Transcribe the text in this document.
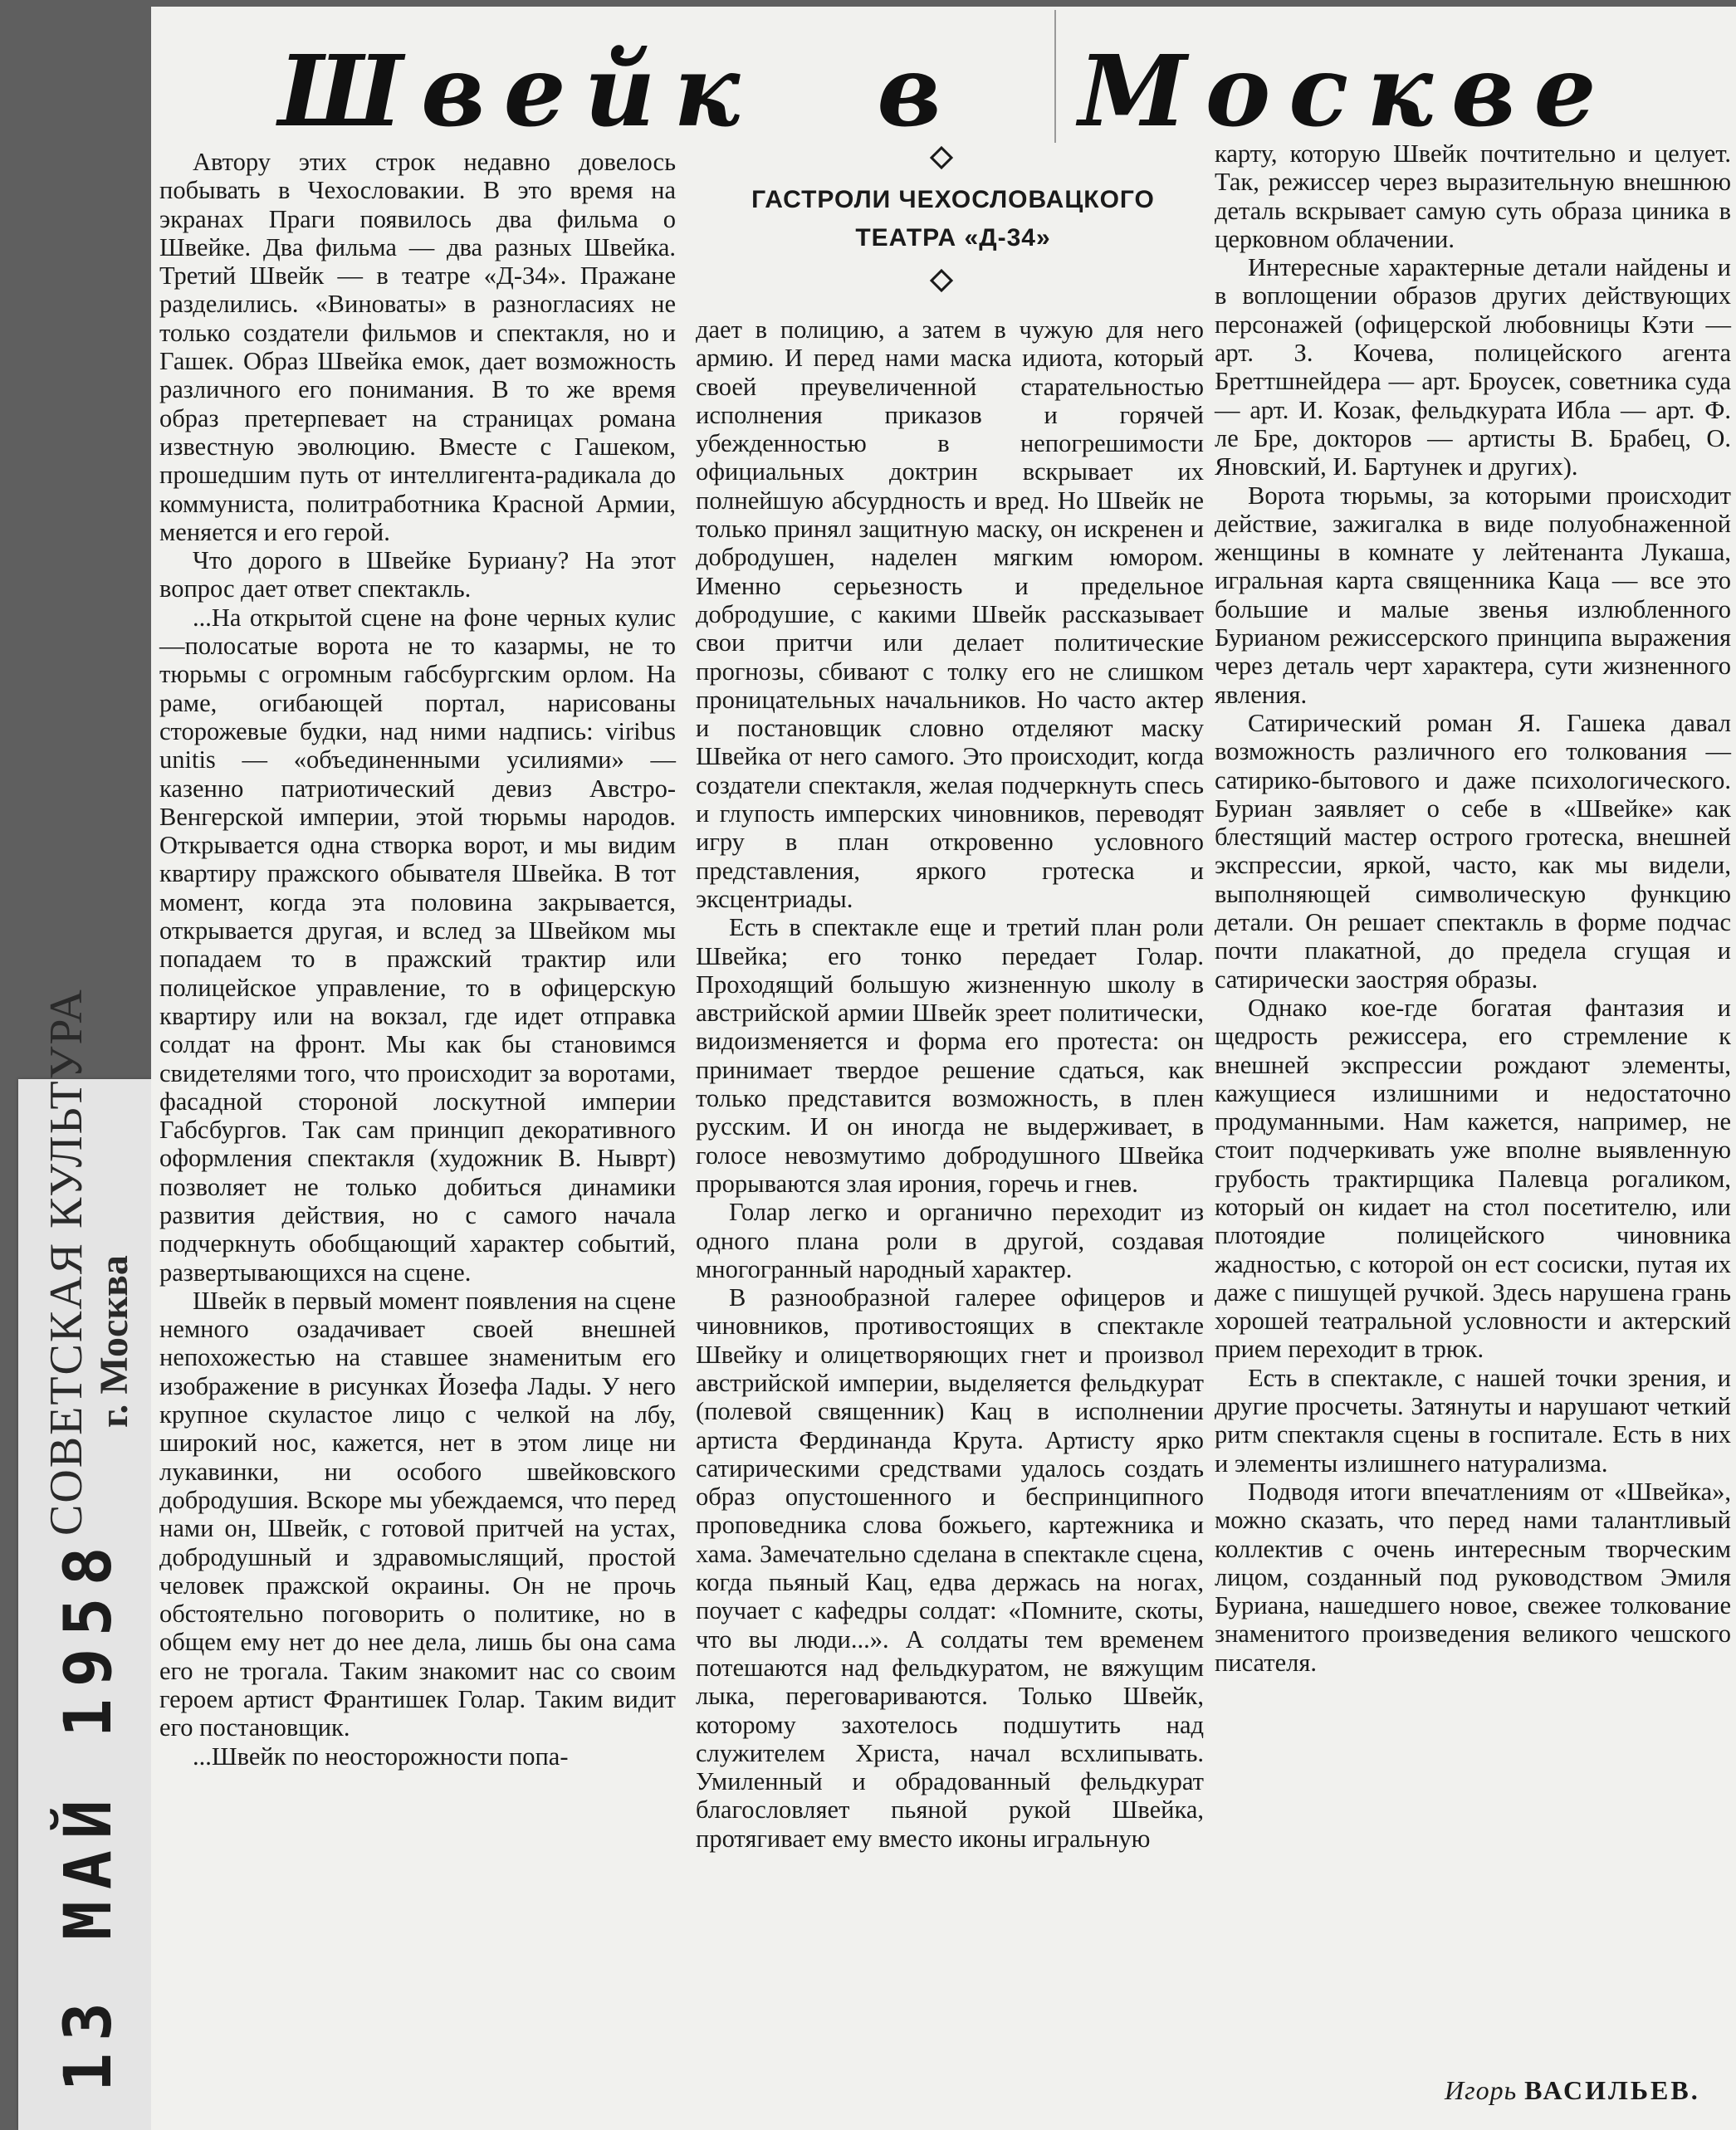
СОВЕТСКАЯ КУЛЬТУРА г. Москва
13 МАЙ 1958
Швейк в Москве
ГАСТРОЛИ ЧЕХОСЛОВАЦКОГО ТЕАТРА «Д-34»

Автору этих строк недавно довелось побывать в Чехословакии. В это время на экранах Праги появилось два фильма о Швейке. Два фильма — два разных Швейка. Третий Швейк — в театре «Д-34». Пражане разделились. «Виноваты» в разногласиях не только создатели фильмов и спектакля, но и Гашек. Образ Швейка емок, дает возможность различного его понимания. В то же время образ претерпевает на страницах романа известную эволюцию. Вместе с Гашеком, прошедшим путь от интеллигента-радикала до коммуниста, политработника Красной Армии, меняется и его герой.

Что дорого в Швейке Буриану? На этот вопрос дает ответ спектакль.

...На открытой сцене на фоне черных кулис—полосатые ворота не то казармы, не то тюрьмы с огромным габсбургским орлом. На раме, огибающей портал, нарисованы сторожевые будки, над ними надпись: viribus unitis — «объединенными усилиями» — казенно патриотический девиз Австро-Венгерской империи, этой тюрьмы народов. Открывается одна створка ворот, и мы видим квартиру пражского обывателя Швейка. В тот момент, когда эта половина закрывается, открывается другая, и вслед за Швейком мы попадаем то в пражский трактир или полицейское управление, то в офицерскую квартиру или на вокзал, где идет отправка солдат на фронт. Мы как бы становимся свидетелями того, что происходит за воротами, фасадной стороной лоскутной империи Габсбургов. Так сам принцип декоративного оформления спектакля (художник В. Ныврт) позволяет не только добиться динамики развития действия, но с самого начала подчеркнуть обобщающий характер событий, развертывающихся на сцене.

Швейк в первый момент появления на сцене немного озадачивает своей внешней непохожестью на ставшее знаменитым его изображение в рисунках Йозефа Лады. У него крупное скуластое лицо с челкой на лбу, широкий нос, кажется, нет в этом лице ни лукавинки, ни особого швейковского добродушия. Вскоре мы убеждаемся, что перед нами он, Швейк, с готовой притчей на устах, добродушный и здравомыслящий, простой человек пражской окраины. Он не прочь обстоятельно поговорить о политике, но в общем ему нет до нее дела, лишь бы она сама его не трогала. Таким знакомит нас со своим героем артист Франтишек Голар. Таким видит его постановщик.

...Швейк по неосторожности попа-

дает в полицию, а затем в чужую для него армию. И перед нами маска идиота, который своей преувеличенной старательностью исполнения приказов и горячей убежденностью в непогрешимости официальных доктрин вскрывает их полнейшую абсурдность и вред. Но Швейк не только принял защитную маску, он искренен и добродушен, наделен мягким юмором. Именно серьезность и предельное добродушие, с какими Швейк рассказывает свои притчи или делает политические прогнозы, сбивают с толку его не слишком проницательных начальников. Но часто актер и постановщик словно отделяют маску Швейка от него самого. Это происходит, когда создатели спектакля, желая подчеркнуть спесь и глупость имперских чиновников, переводят игру в план откровенно условного представления, яркого гротеска и эксцентриады.

Есть в спектакле еще и третий план роли Швейка; его тонко передает Голар. Проходящий большую жизненную школу в австрийской армии Швейк зреет политически, видоизменяется и форма его протеста: он принимает твердое решение сдаться, как только представится возможность, в плен русским. И он иногда не выдерживает, в голосе невозмутимо добродушного Швейка прорываются злая ирония, горечь и гнев.

Голар легко и органично переходит из одного плана роли в другой, создавая многогранный народный характер.

В разнообразной галерее офицеров и чиновников, противостоящих в спектакле Швейку и олицетворяющих гнет и произвол австрийской империи, выделяется фельдкурат (полевой священник) Кац в исполнении артиста Фердинанда Крута. Артисту ярко сатирическими средствами удалось создать образ опустошенного и беспринципного проповедника слова божьего, картежника и хама. Замечательно сделана в спектакле сцена, когда пьяный Кац, едва держась на ногах, поучает с кафедры солдат: «Помните, скоты, что вы люди...». А солдаты тем временем потешаются над фельдкуратом, не вяжущим лыка, переговариваются. Только Швейк, которому захотелось подшутить над служителем Христа, начал всхлипывать. Умиленный и обрадованный фельдкурат благословляет пьяной рукой Швейка, протягивает ему вместо иконы игральную

карту, которую Швейк почтительно и целует. Так, режиссер через выразительную внешнюю деталь вскрывает самую суть образа циника в церковном облачении.

Интересные характерные детали найдены и в воплощении образов других действующих персонажей (офицерской любовницы Кэти — арт. З. Кочева, полицейского агента Бреттшнейдера — арт. Броусек, советника суда — арт. И. Козак, фельдкурата Ибла — арт. Ф. ле Бре, докторов — артисты В. Брабец, О. Яновский, И. Бартунек и других).

Ворота тюрьмы, за которыми происходит действие, зажигалка в виде полуобнаженной женщины в комнате у лейтенанта Лукаша, игральная карта священника Каца — все это большие и малые звенья излюбленного Бурианом режиссерского принципа выражения через деталь черт характера, сути жизненного явления.

Сатирический роман Я. Гашека давал возможность различного его толкования — сатирико-бытового и даже психологического. Буриан заявляет о себе в «Швейке» как блестящий мастер острого гротеска, внешней экспрессии, яркой, часто, как мы видели, выполняющей символическую функцию детали. Он решает спектакль в форме подчас почти плакатной, до предела сгущая и сатирически заостряя образы.

Однако кое-где богатая фантазия и щедрость режиссера, его стремление к внешней экспрессии рождают элементы, кажущиеся излишними и недостаточно продуманными. Нам кажется, например, не стоит подчеркивать уже вполне выявленную грубость трактирщика Палевца рогаликом, который он кидает на стол посетителю, или плотоядие полицейского чиновника жадностью, с которой он ест сосиски, путая их даже с пишущей ручкой. Здесь нарушена грань хорошей театральной условности и актерский прием переходит в трюк.

Есть в спектакле, с нашей точки зрения, и другие просчеты. Затянуты и нарушают четкий ритм спектакля сцены в госпитале. Есть в них и элементы излишнего натурализма.

Подводя итоги впечатлениям от «Швейка», можно сказать, что перед нами талантливый коллектив с очень интересным творческим лицом, созданный под руководством Эмиля Буриана, нашедшего новое, свежее толкование знаменитого произведения великого чешского писателя.

Игорь ВАСИЛЬЕВ.
